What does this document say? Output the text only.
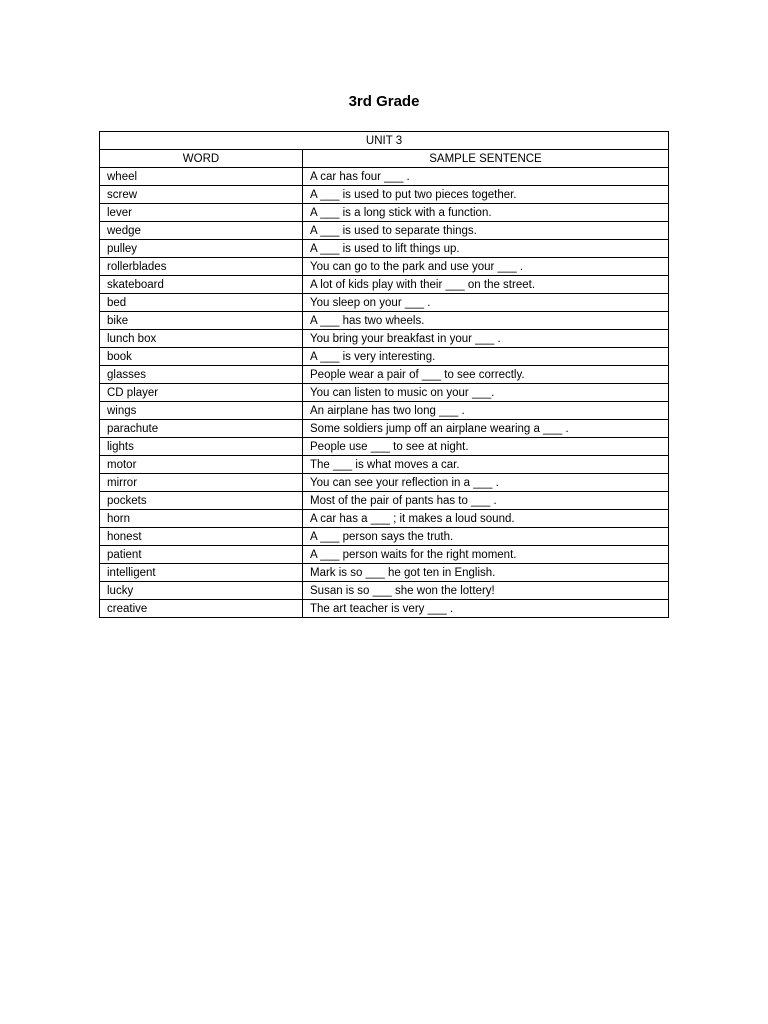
3rd Grade
UNIT 3	
WORD	SAMPLE SENTENCE
wheel	A car has four ___ .
screw	A ___ is used to put two pieces together.
lever	A ___ is a long stick with a function.
wedge	A ___ is used to separate things.
pulley	A ___ is used to lift things up.
rollerblades	You can go to the park and use your ___ .
skateboard	A lot of kids play with their ___ on the street.
bed	You sleep on your ___ .
bike	A ___ has two wheels.
lunch box	You bring your breakfast in your ___ .
book	A ___ is very interesting.
glasses	People wear a pair of ___ to see correctly.
CD player	You can listen to music on your ___.
wings	An airplane has two long ___ .
parachute	Some soldiers jump off an airplane wearing a ___ .
lights	People use ___ to see at night.
motor	The ___ is what moves a car.
mirror	You can see your reflection in a ___ .
pockets	Most of the pair of pants has to ___ .
horn	A car has a ___ ; it makes a loud sound.
honest	A ___ person says the truth.
patient	A ___ person waits for the right moment.
intelligent	Mark is so ___ he got ten in English.
lucky	Susan is so ___ she won the lottery!
creative	The art teacher is very ___ .
